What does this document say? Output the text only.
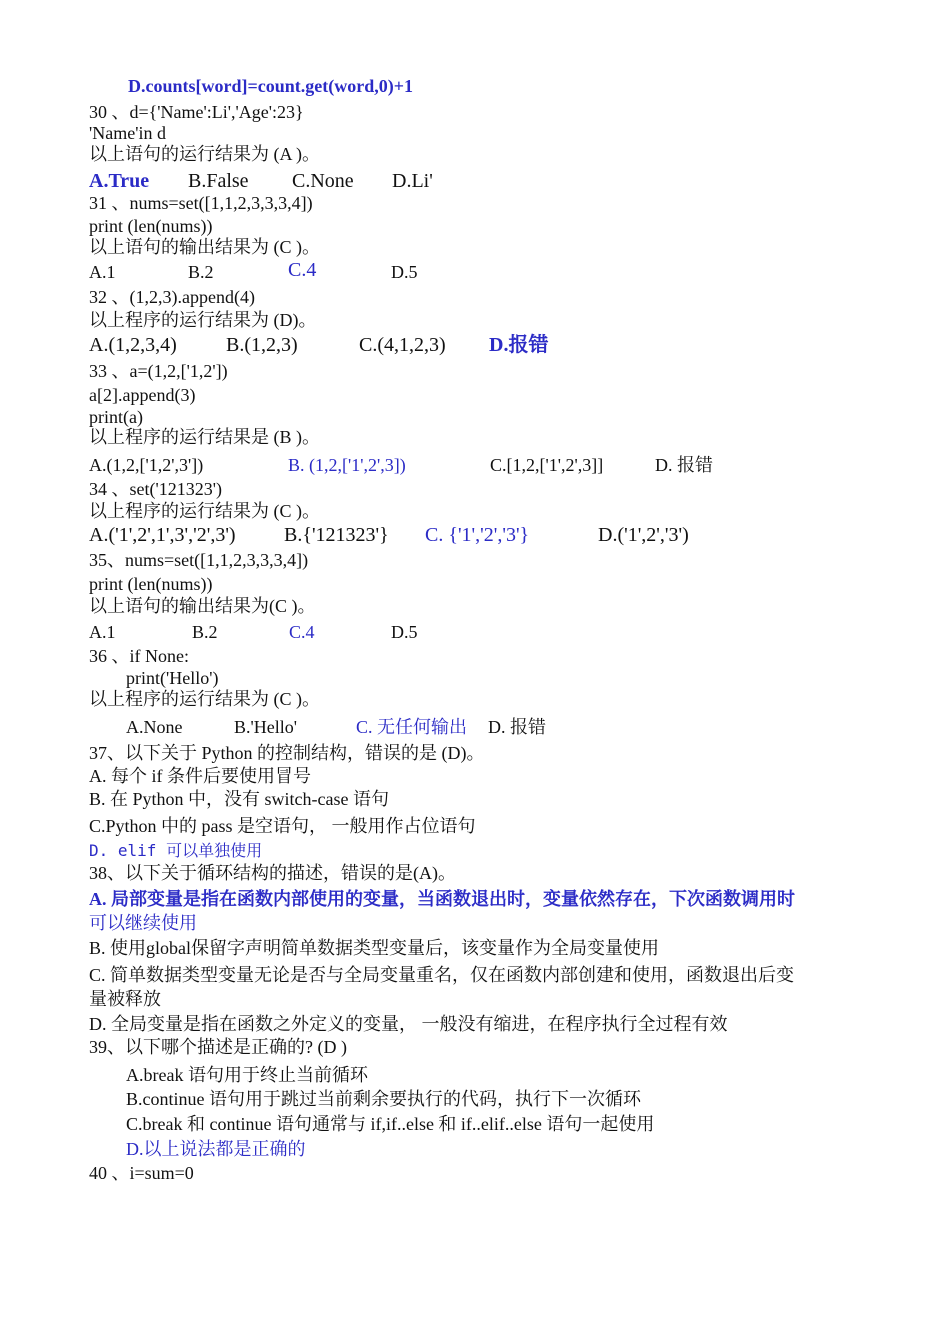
D.counts[word]=count.get(word,0)+1
30 、d={'Name':Li','Age':23}
'Name'in d
以上语句的运行结果为 (A )。
A.True B.False C.None D.Li'
31 、nums=set([1,1,2,3,3,3,4])
print (len(nums))
以上语句的输出结果为 (C )。
A.1	B.2	C.4	D.5
32 、(1,2,3).append(4)
以上程序的运行结果为 (D)。
A.(1,2,3,4) B.(1,2,3)	C.(4,1,2,3) D.报错
33 、a=(1,2,['1,2'])
a[2].append(3)
print(a)
以上程序的运行结果是 (B )。
A.(1,2,['1,2',3'])	B. (1,2,['1',2',3])	C.[1,2,['1',2',3]]	D. 报错
34 、set('121323')
以上程序的运行结果为 (C )。
A.('1',2',1',3','2',3') B.{'121323'} C. {'1','2','3'}	D.('1',2','3')
35、nums=set([1,1,2,3,3,3,4])
print (len(nums))
以上语句的输出结果为(C )。
A.1	B.2	C.4	D.5
36 、if None:
print('Hello')
以上程序的运行结果为 (C )。
A.None	B.'Hello'	C. 无任何输出 D. 报错
37、以下关于 Python 的控制结构，错误的是 (D)。
A. 每个 if 条件后要使用冒号
B. 在 Python 中，没有 switch-case 语句
C.Python 中的 pass 是空语句， 一般用作占位语句
D. elif 可以单独使用
38、以下关于循环结构的描述，错误的是(A)。
A. 局部变量是指在函数内部使用的变量，当函数退出时，变量依然存在，下次函数调用时
可以继续使用
B. 使用global保留字声明简单数据类型变量后，该变量作为全局变量使用
C. 简单数据类型变量无论是否与全局变量重名，仅在函数内部创建和使用，函数退出后变
量被释放
D. 全局变量是指在函数之外定义的变量， 一般没有缩进，在程序执行全过程有效
39、以下哪个描述是正确的? (D )
A.break 语句用于终止当前循环
B.continue 语句用于跳过当前剩余要执行的代码，执行下一次循环
C.break 和 continue 语句通常与 if,if..else 和 if..elif..else 语句一起使用
D.以上说法都是正确的
40 、i=sum=0
